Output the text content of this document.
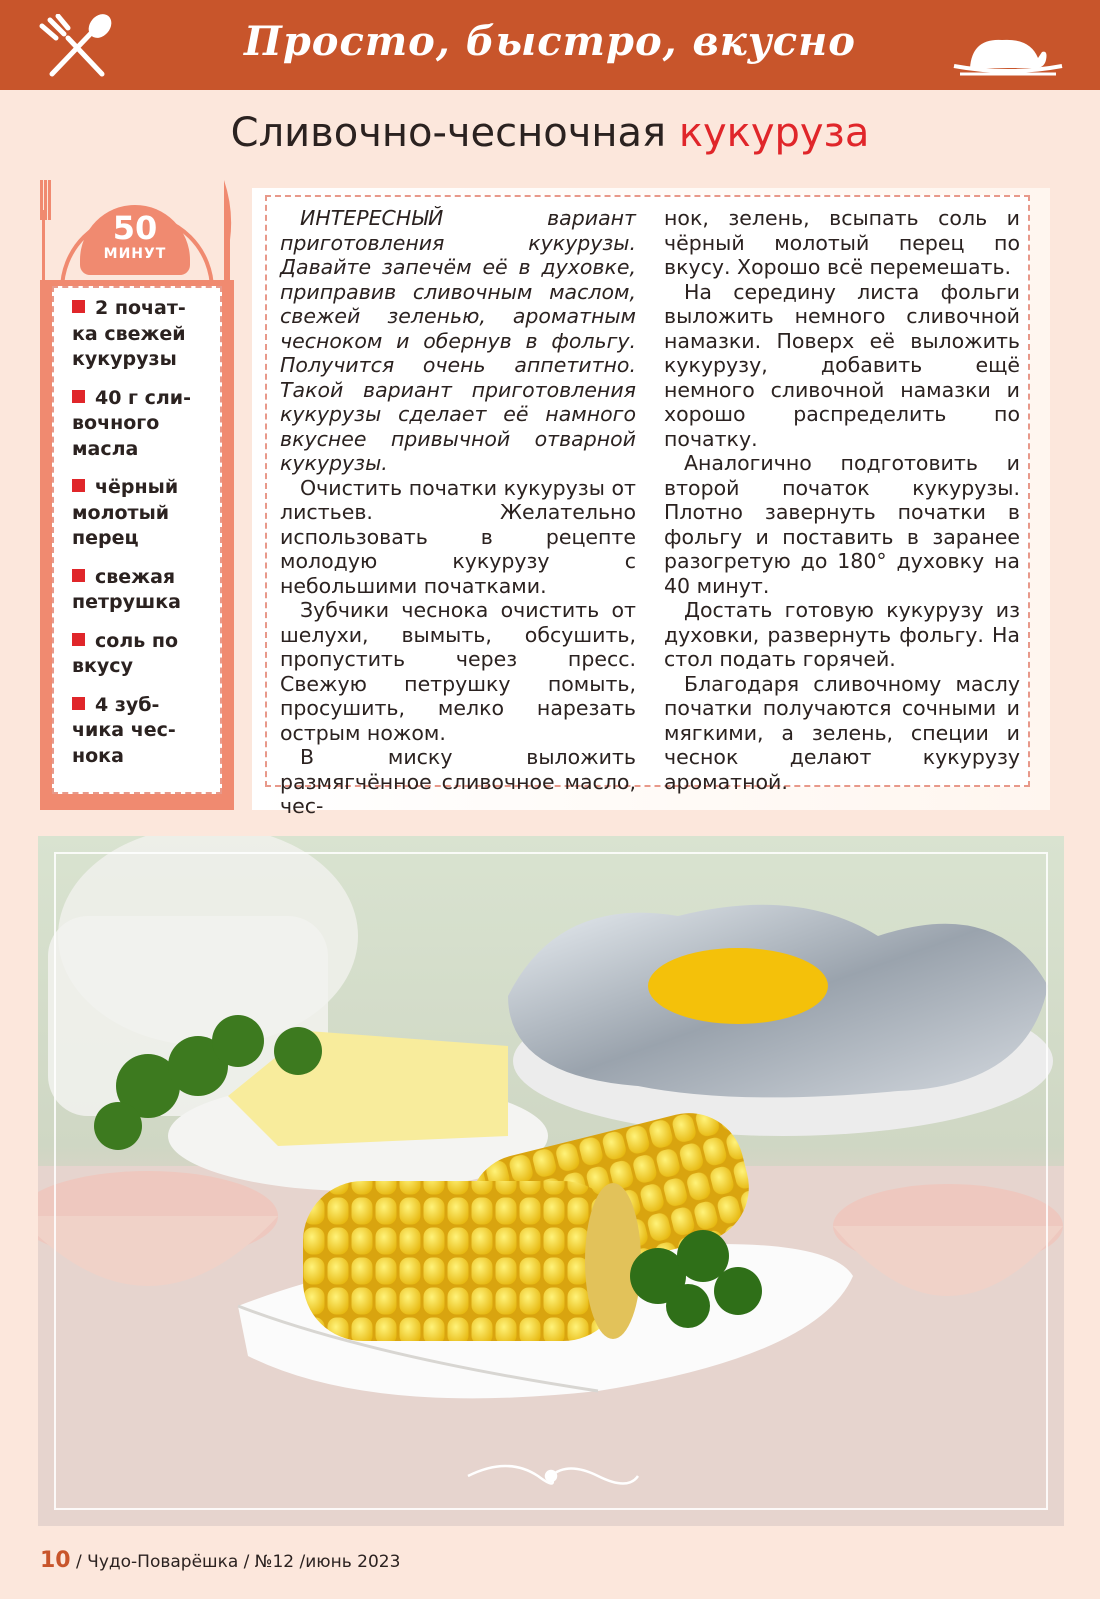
Просто, быстро, вкусно
Сливочно-чесночная кукуруза
50
МИНУТ
2 почат-
ка свежей
кукурузы
40 г сли-
вочного
масла
чёрный
молотый
перец
свежая
петрушка
соль по
вкусу
4 зуб-
чика чес-
нока

ИНТЕРЕСНЫЙ вариант приготовления кукурузы. Давайте запечём её в духовке, приправив сливочным маслом, свежей зеленью, ароматным чесноком и обернув в фольгу. Получится очень аппетитно. Такой вариант приготовления кукурузы сделает её намного вкуснее привычной отварной кукурузы.

Очистить початки кукурузы от листьев. Желательно использовать в рецепте молодую кукурузу с небольшими початками.

Зубчики чеснока очистить от шелухи, вымыть, обсушить, пропустить через пресс. Свежую петрушку помыть, просушить, мелко нарезать острым ножом.

В миску выложить размягчённое сливочное масло, чес-

нок, зелень, всыпать соль и чёрный молотый перец по вкусу. Хорошо всё перемешать.

На середину листа фольги выложить немного сливочной намазки. Поверх её выложить кукурузу, добавить ещё немного сливочной намазки и хорошо распределить по початку.

Аналогично подготовить и второй початок кукурузы. Плотно завернуть початки в фольгу и поставить в заранее разогретую до 180° духовку на 40 минут.

Достать готовую кукурузу из духовки, развернуть фольгу. На стол подать горячей.

Благодаря сливочному маслу початки получаются сочными и мягкими, а зелень, специи и чеснок делают кукурузу ароматной.

10 / Чудо-Поварёшка / №12 /июнь 2023
